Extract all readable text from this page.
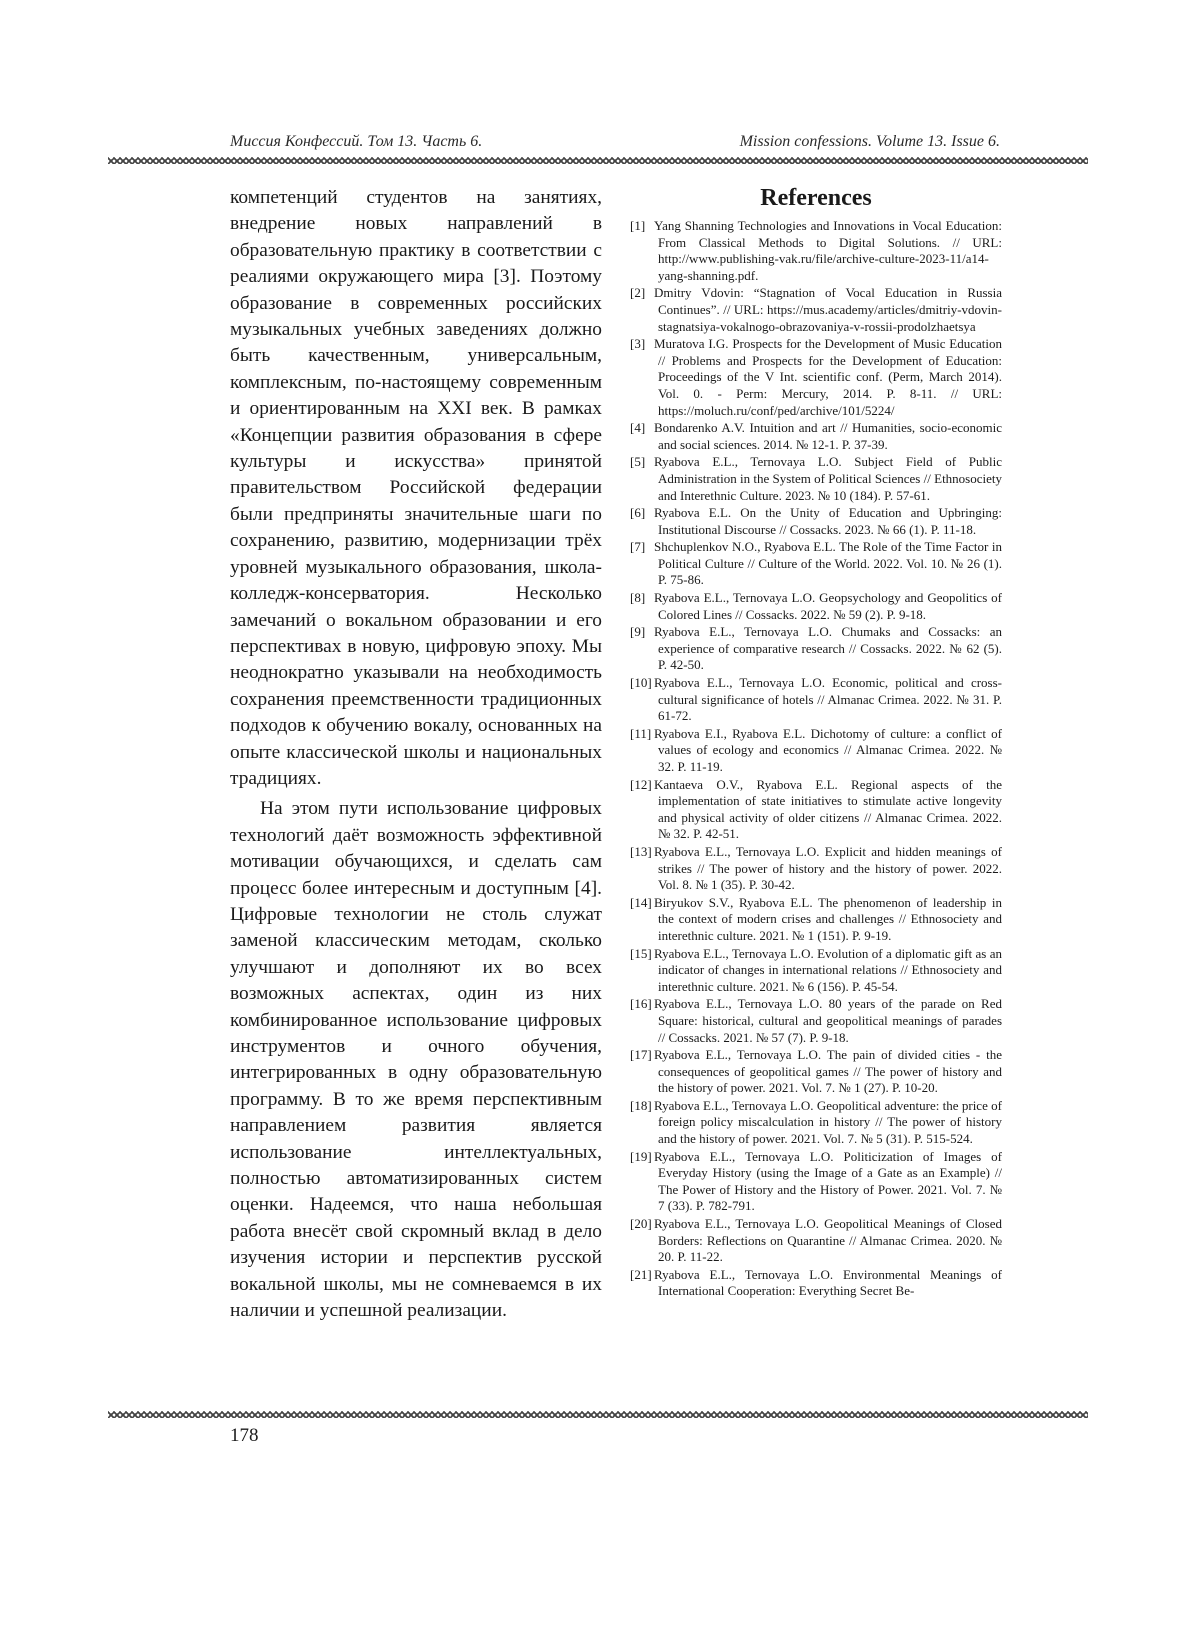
Миссия Конфессий. Том 13. Часть 6.	Mission confessions. Volume 13. Issue 6.

компетенций студентов на занятиях, внедрение новых направлений в образовательную практику в соответствии с реалиями окружающего мира [3]. Поэтому образование в современных российских музыкальных учебных заведениях должно быть качественным, универсальным, комплексным, по-настоящему современным и ориентированным на XXI век. В рамках «Концепции развития образования в сфере культуры и искусства» принятой правительством Российской федерации были предприняты значительные шаги по сохранению, развитию, модернизации трёх уровней музыкального образования, школа-колледж-консерватория. Несколько замечаний о вокальном образовании и его перспективах в новую, цифровую эпоху. Мы неоднократно указывали на необходимость сохранения преемственности традиционных подходов к обучению вокалу, основанных на опыте классической школы и национальных традициях.

На этом пути использование цифровых технологий даёт возможность эффективной мотивации обучающихся, и сделать сам процесс более интересным и доступным [4]. Цифровые технологии не столь служат заменой классическим методам, сколько улучшают и дополняют их во всех возможных аспектах, один из них комбинированное использование цифровых инструментов и очного обучения, интегрированных в одну образовательную программу. В то же время перспективным направлением развития является использование интеллектуальных, полностью автоматизированных систем оценки. Надеемся, что наша небольшая работа внесёт свой скромный вклад в дело изучения истории и перспектив русской вокальной школы, мы не сомневаемся в их наличии и успешной реализации.

References
[1] Yang Shanning Technologies and Innovations in Vocal Education: From Classical Methods to Digital Solutions. // URL: http://www.publishing-vak.ru/file/archive-culture-2023-11/a14-yang-shanning.pdf.
[2] Dmitry Vdovin: “Stagnation of Vocal Education in Russia Continues”. // URL: https://mus.academy/articles/dmitriy-vdovin-stagnatsiya-vokalnogo-obrazovaniya-v-rossii-prodolzhaetsya
[3] Muratova I.G. Prospects for the Development of Music Education // Problems and Prospects for the Development of Education: Proceedings of the V Int. scientific conf. (Perm, March 2014). Vol. 0. - Perm: Mercury, 2014. P. 8-11. // URL: https://moluch.ru/conf/ped/archive/101/5224/
[4] Bondarenko A.V. Intuition and art // Humanities, socio-economic and social sciences. 2014. № 12-1. P. 37-39.
[5] Ryabova E.L., Ternovaya L.O. Subject Field of Public Administration in the System of Political Sciences // Ethnosociety and Interethnic Culture. 2023. № 10 (184). P. 57-61.
[6] Ryabova E.L. On the Unity of Education and Upbringing: Institutional Discourse // Cossacks. 2023. № 66 (1). P. 11-18.
[7] Shchuplenkov N.O., Ryabova E.L. The Role of the Time Factor in Political Culture // Culture of the World. 2022. Vol. 10. № 26 (1). P. 75-86.
[8] Ryabova E.L., Ternovaya L.O. Geopsychology and Geopolitics of Colored Lines // Cossacks. 2022. № 59 (2). P. 9-18.
[9] Ryabova E.L., Ternovaya L.O. Chumaks and Cossacks: an experience of comparative research // Cossacks. 2022. № 62 (5). P. 42-50.
[10] Ryabova E.L., Ternovaya L.O. Economic, political and cross-cultural significance of hotels // Almanac Crimea. 2022. № 31. P. 61-72.
[11] Ryabova E.I., Ryabova E.L. Dichotomy of culture: a conflict of values of ecology and economics // Almanac Crimea. 2022. № 32. P. 11-19.
[12] Kantaeva O.V., Ryabova E.L. Regional aspects of the implementation of state initiatives to stimulate active longevity and physical activity of older citizens // Almanac Crimea. 2022. № 32. P. 42-51.
[13] Ryabova E.L., Ternovaya L.O. Explicit and hidden meanings of strikes // The power of history and the history of power. 2022. Vol. 8. № 1 (35). P. 30-42.
[14] Biryukov S.V., Ryabova E.L. The phenomenon of leadership in the context of modern crises and challenges // Ethnosociety and interethnic culture. 2021. № 1 (151). P. 9-19.
[15] Ryabova E.L., Ternovaya L.O. Evolution of a diplomatic gift as an indicator of changes in international relations // Ethnosociety and interethnic culture. 2021. № 6 (156). P. 45-54.
[16] Ryabova E.L., Ternovaya L.O. 80 years of the parade on Red Square: historical, cultural and geopolitical meanings of parades // Cossacks. 2021. № 57 (7). P. 9-18.
[17] Ryabova E.L., Ternovaya L.O. The pain of divided cities - the consequences of geopolitical games // The power of history and the history of power. 2021. Vol. 7. № 1 (27). P. 10-20.
[18] Ryabova E.L., Ternovaya L.O. Geopolitical adventure: the price of foreign policy miscalculation in history // The power of history and the history of power. 2021. Vol. 7. № 5 (31). P. 515-524.
[19] Ryabova E.L., Ternovaya L.O. Politicization of Images of Everyday History (using the Image of a Gate as an Example) // The Power of History and the History of Power. 2021. Vol. 7. № 7 (33). P. 782-791.
[20] Ryabova E.L., Ternovaya L.O. Geopolitical Meanings of Closed Borders: Reflections on Quarantine // Almanac Crimea. 2020. № 20. P. 11-22.
[21] Ryabova E.L., Ternovaya L.O. Environmental Meanings of International Cooperation: Everything Secret Be-
178
